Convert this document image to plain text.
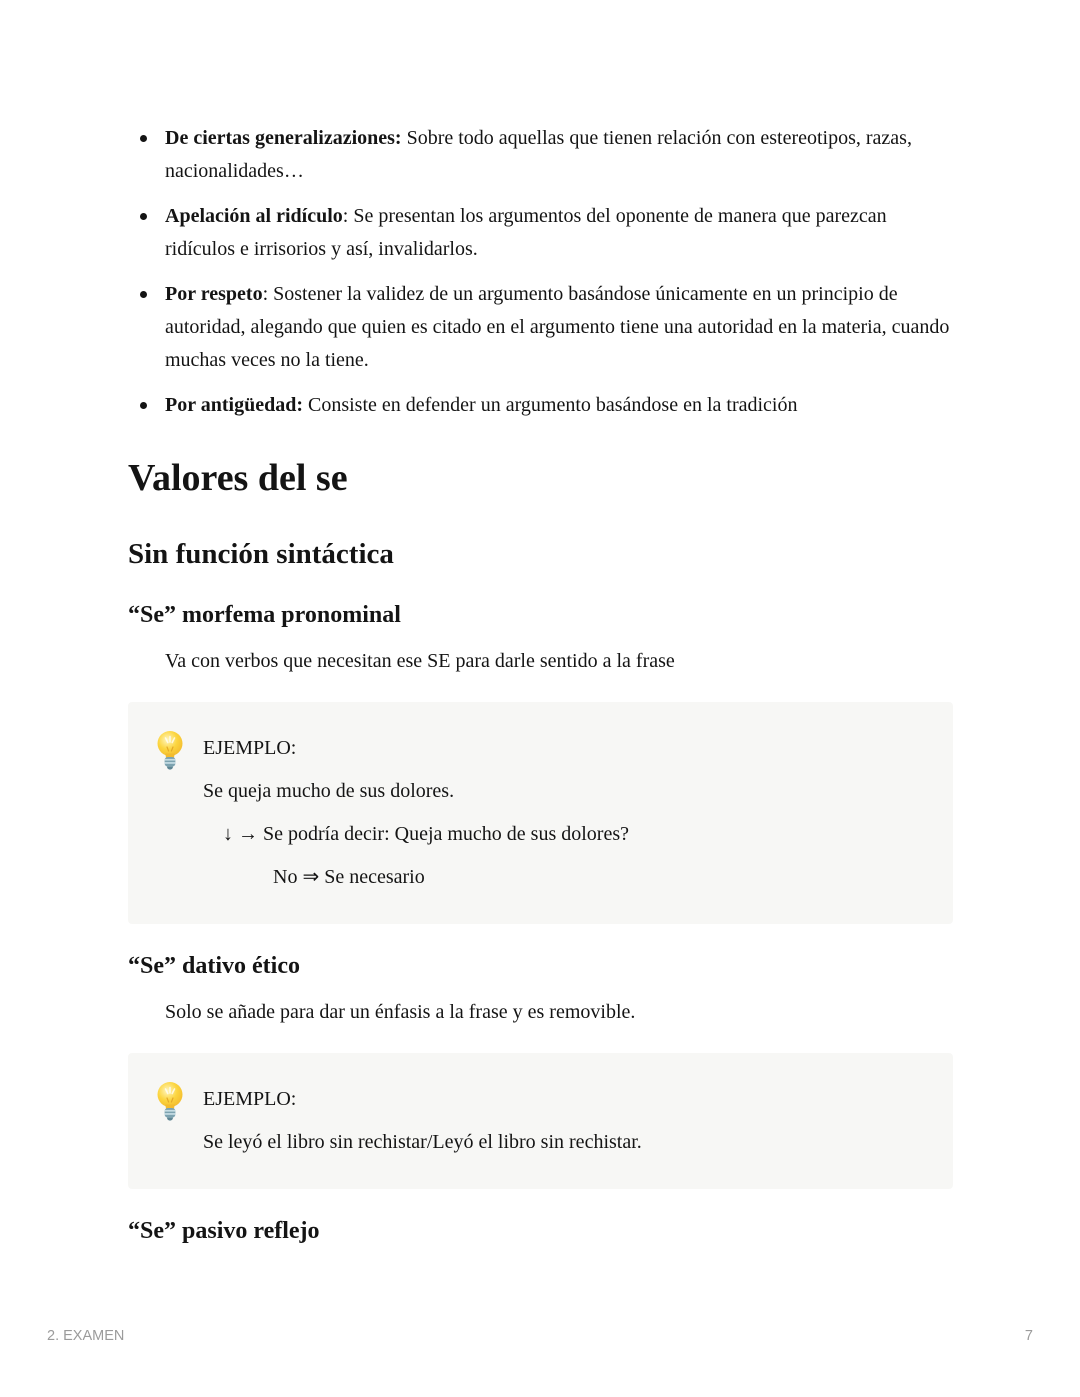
De ciertas generalizaziones: Sobre todo aquellas que tienen relación con estereotipos, razas, nacionalidades…
Apelación al ridículo: Se presentan los argumentos del oponente de manera que parezcan ridículos e irrisorios y así, invalidarlos.
Por respeto: Sostener la validez de un argumento basándose únicamente en un principio de autoridad, alegando que quien es citado en el argumento tiene una autoridad en la materia, cuando muchas veces no la tiene.
Por antigüedad: Consiste en defender un argumento basándose en la tradición
Valores del se
Sin función sintáctica
“Se” morfema pronominal

Va con verbos que necesitan ese SE para darle sentido a la frase

EJEMPLO:
Se queja mucho de sus dolores.
↓ → Se podría decir: Queja mucho de sus dolores?
No ⇒ Se necesario
“Se” dativo ético

Solo se añade para dar un énfasis a la frase y es removible.

EJEMPLO:
Se leyó el libro sin rechistar/Leyó el libro sin rechistar.
“Se” pasivo reflejo
2. EXAMEN	7
